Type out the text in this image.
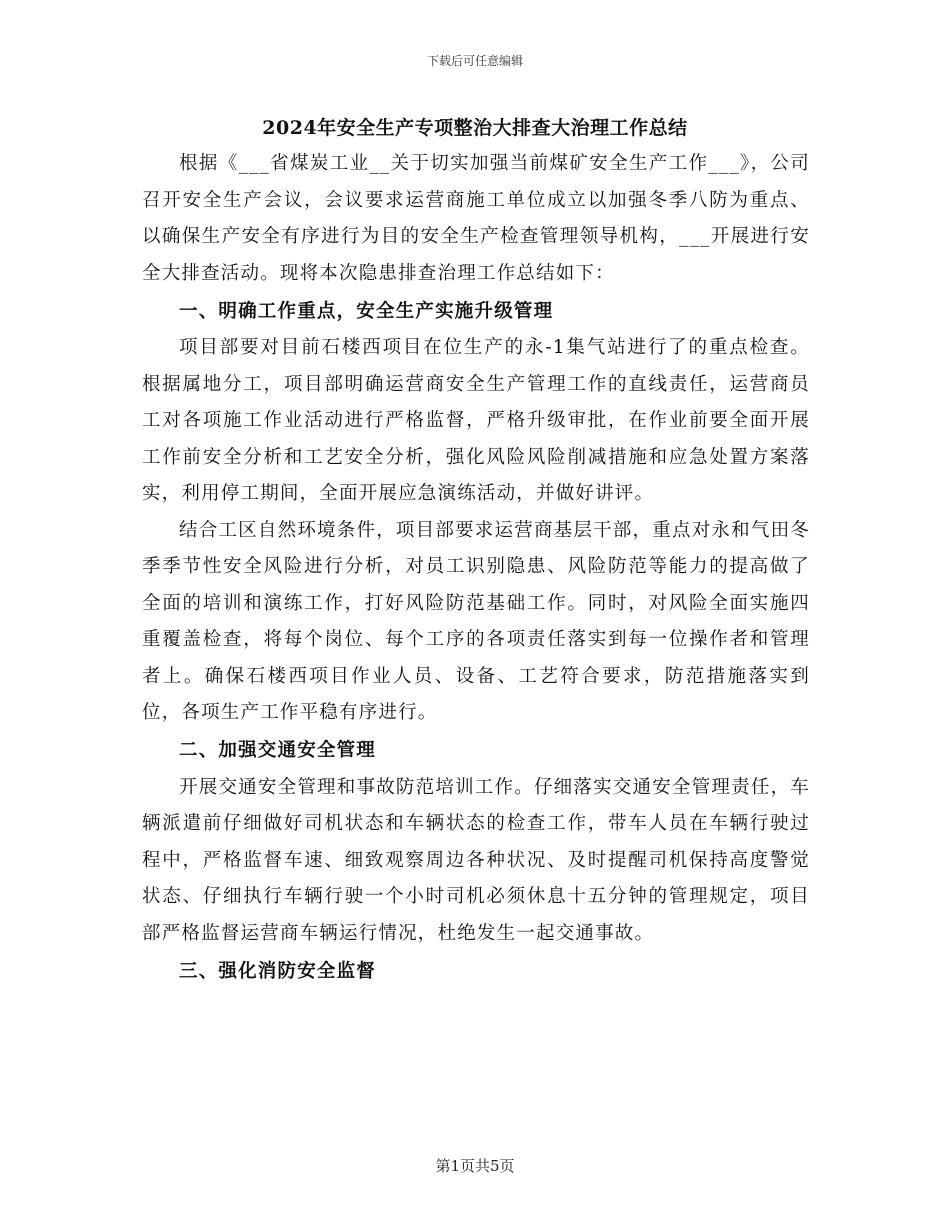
下载后可任意编辑
2024年安全生产专项整治大排查大治理工作总结

根据《___省煤炭工业__关于切实加强当前煤矿安全生产工作___》，公司召开安全生产会议，会议要求运营商施工单位成立以加强冬季八防为重点、以确保生产安全有序进行为目的安全生产检查管理领导机构，___开展进行安全大排查活动。现将本次隐患排查治理工作总结如下：

一、明确工作重点，安全生产实施升级管理

项目部要对目前石楼西项目在位生产的永-1集气站进行了的重点检查。根据属地分工，项目部明确运营商安全生产管理工作的直线责任，运营商员工对各项施工作业活动进行严格监督，严格升级审批，在作业前要全面开展工作前安全分析和工艺安全分析，强化风险风险削减措施和应急处置方案落实，利用停工期间，全面开展应急演练活动，并做好讲评。

结合工区自然环境条件，项目部要求运营商基层干部，重点对永和气田冬季季节性安全风险进行分析，对员工识别隐患、风险防范等能力的提高做了全面的培训和演练工作，打好风险防范基础工作。同时，对风险全面实施四重覆盖检查，将每个岗位、每个工序的各项责任落实到每一位操作者和管理者上。确保石楼西项目作业人员、设备、工艺符合要求，防范措施落实到位，各项生产工作平稳有序进行。

二、加强交通安全管理

开展交通安全管理和事故防范培训工作。仔细落实交通安全管理责任，车辆派遣前仔细做好司机状态和车辆状态的检查工作，带车人员在车辆行驶过程中，严格监督车速、细致观察周边各种状况、及时提醒司机保持高度警觉状态、仔细执行车辆行驶一个小时司机必须休息十五分钟的管理规定，项目部严格监督运营商车辆运行情况，杜绝发生一起交通事故。

三、强化消防安全监督
第1页共5页
